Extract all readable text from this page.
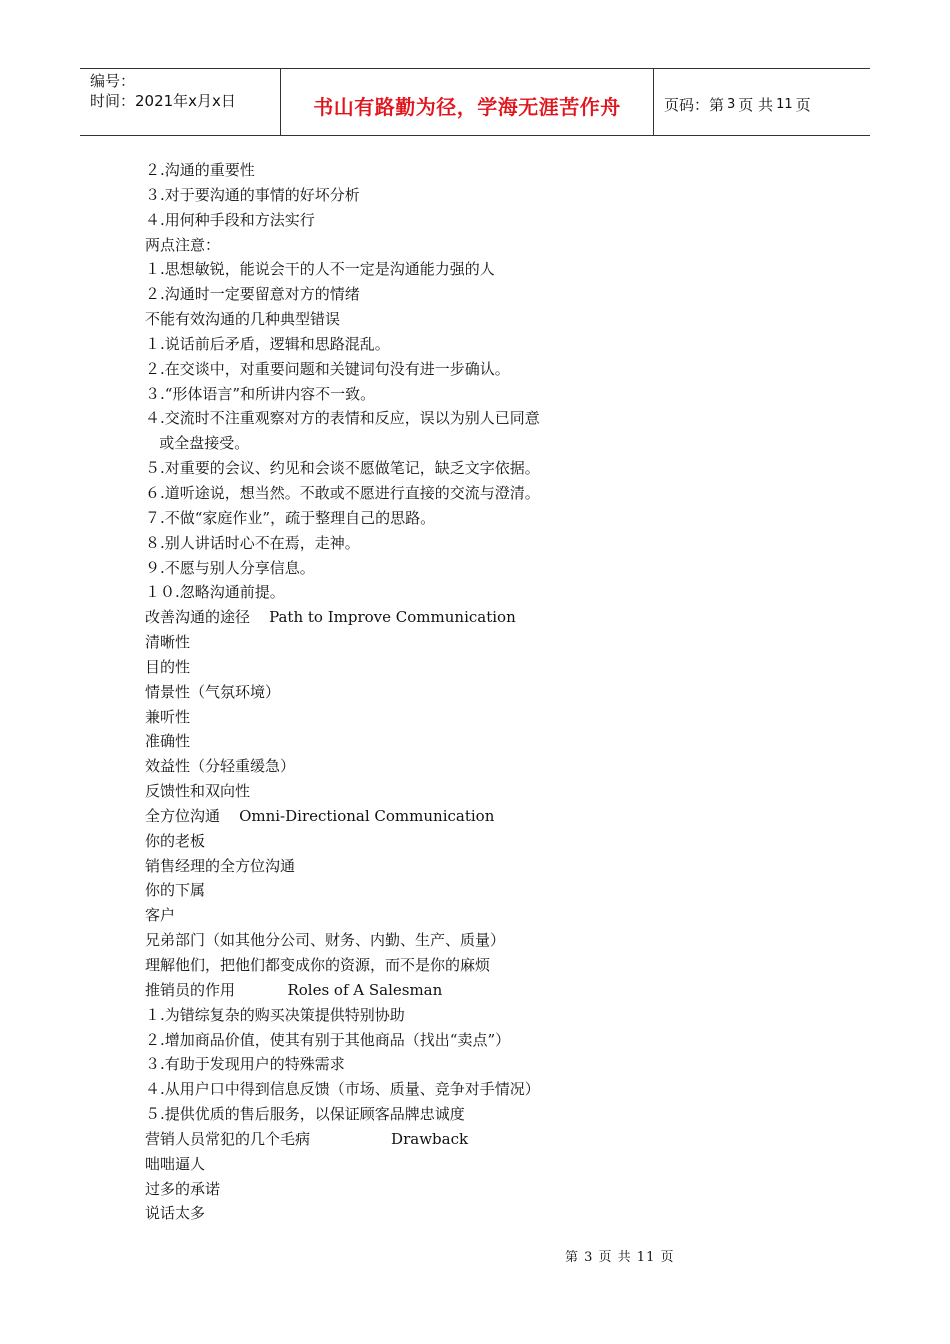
编号：
时间：2021年x月x日	书山有路勤为径，学海无涯苦作舟	页码：第 3 页 共 11 页
２.沟通的重要性
３.对于要沟通的事情的好坏分析
４.用何种手段和方法实行
两点注意：
１.思想敏锐，能说会干的人不一定是沟通能力强的人
２.沟通时一定要留意对方的情绪
不能有效沟通的几种典型错误
１.说话前后矛盾，逻辑和思路混乱。
２.在交谈中，对重要问题和关键词句没有进一步确认。
３.“形体语言”和所讲内容不一致。
４.交流时不注重观察对方的表情和反应，误以为别人已同意
或全盘接受。
５.对重要的会议、约见和会谈不愿做笔记，缺乏文字依据。
６.道听途说，想当然。不敢或不愿进行直接的交流与澄清。
７.不做“家庭作业”，疏于整理自己的思路。
８.别人讲话时心不在焉，走神。
９.不愿与别人分享信息。
１０.忽略沟通前提。
改善沟通的途径    Path to Improve Communication
清晰性
目的性
情景性（气氛环境）
兼听性
准确性
效益性（分轻重缓急）
反馈性和双向性
全方位沟通    Omni-Directional Communication
你的老板
销售经理的全方位沟通
你的下属
客户
兄弟部门（如其他分公司、财务、内勤、生产、质量）
理解他们，把他们都变成你的资源，而不是你的麻烦
推销员的作用           Roles of A Salesman
１.为错综复杂的购买决策提供特别协助
２.增加商品价值，使其有别于其他商品（找出“卖点”）
３.有助于发现用户的特殊需求
４.从用户口中得到信息反馈（市场、质量、竞争对手情况）
５.提供优质的售后服务，以保证顾客品牌忠诚度
营销人员常犯的几个毛病                 Drawback
咄咄逼人
过多的承诺
说话太多
第 3 页 共 11 页
